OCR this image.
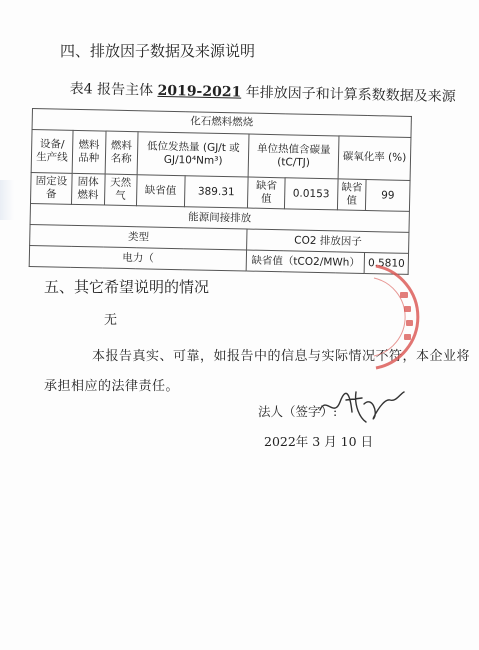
四、排放因子数据及来源说明
表4 报告主体 2019-2021 年排放因子和计算系数数据及来源
化石燃料燃烧								
设备/生产线	燃料品种	燃料名称	低位发热量 (GJ/t 或 GJ/10⁴Nm³)		单位热值含碳量 (tC/TJ)		碳氧化率 (%)	
固定设备	固体燃料	天然气	缺省值	389.31	缺省值	0.0153	缺省值	99
能源间接排放								
类型					CO2 排放因子			
电力（					缺省值（tCO2/MWh）			0.5810
五、其它希望说明的情况
无
本报告真实、可靠，如报告中的信息与实际情况不符，本企业将
承担相应的法律责任。
法人（签字）:
2022年 3 月 10 日
